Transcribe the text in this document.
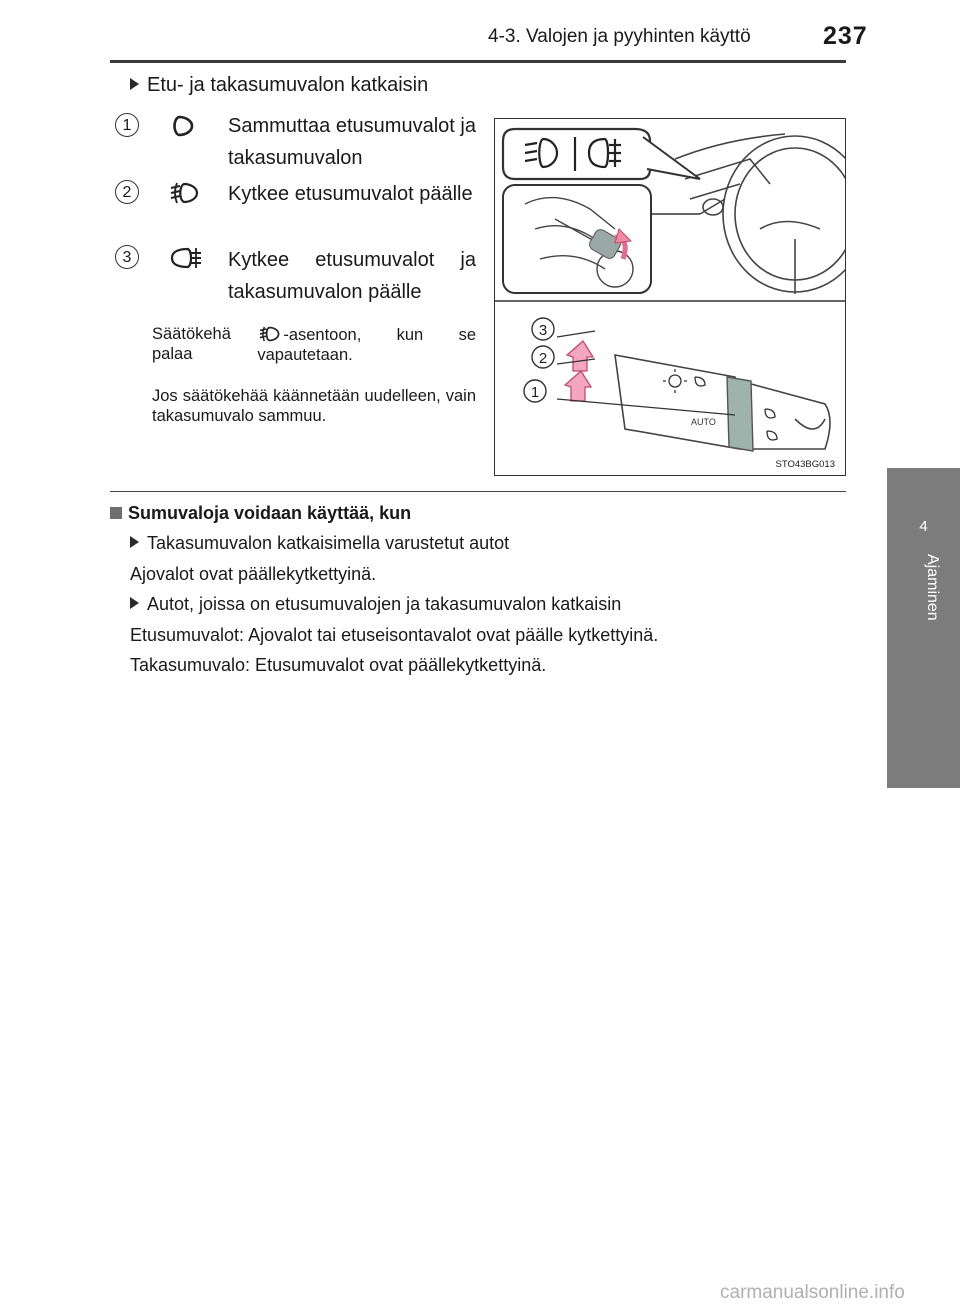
4-3. Valojen ja pyyhinten käyttö	237
4
Ajaminen
Etu- ja takasumuvalon katkaisin
1	Sammuttaa etusumuvalot ja takasumuvalon
2	Kytkee etusumuvalot päälle
3	Kytkee etusumuvalot ja takasumuvalon päälle
Säätökehä palaa
-asentoon, kun se vapautetaan.
Jos säätökehää käännetään uudelleen, vain takasumuvalo sammuu.	AUTO
3
2
1
STO43BG013
Sumuvaloja voidaan käyttää, kun
Takasumuvalon katkaisimella varustetut autot
Ajovalot ovat päällekytkettyinä.
Autot, joissa on etusumuvalojen ja takasumuvalon katkaisin
Etusumuvalot: Ajovalot tai etuseisontavalot ovat päälle kytkettyinä.
Takasumuvalo: Etusumuvalot ovat päällekytkettyinä.
carmanualsonline.info
